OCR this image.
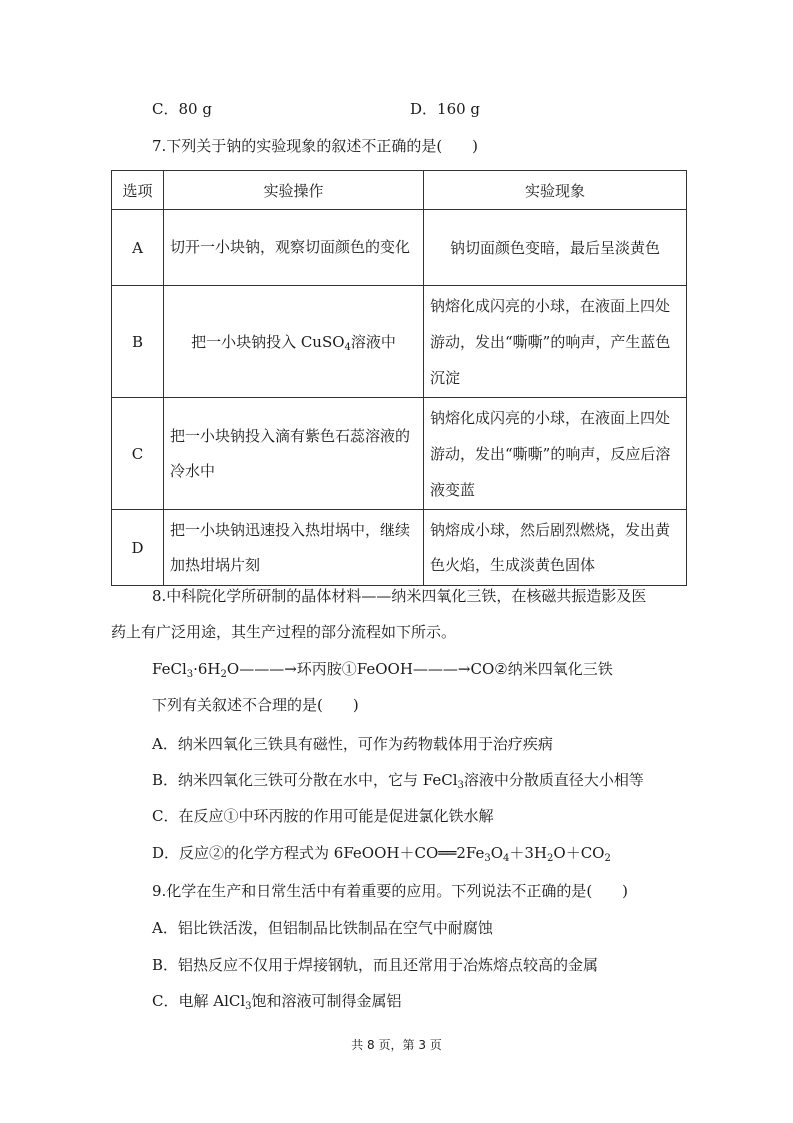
C．80 g	D．160 g
7.下列关于钠的实验现象的叙述不正确的是(　　)
选项	实验操作	实验现象
A	切开一小块钠，观察切面颜色的变化	钠切面颜色变暗，最后呈淡黄色
B	把一小块钠投入 CuSO$_4$溶液中	钠熔化成闪亮的小球，在液面上四处游动，发出“嘶嘶”的响声，产生蓝色沉淀
C	把一小块钠投入滴有紫色石蕊溶液的冷水中	钠熔化成闪亮的小球，在液面上四处游动，发出“嘶嘶”的响声，反应后溶液变蓝
D	把一小块钠迅速投入热坩埚中，继续加热坩埚片刻	钠熔成小球，然后剧烈燃烧，发出黄色火焰，生成淡黄色固体
8.中科院化学所研制的晶体材料——纳米四氧化三铁，在核磁共振造影及医
药上有广泛用途，其生产过程的部分流程如下所示。
$FeCl_3\cdot 6H_2O———\to$环丙胺①FeOOH———→CO②纳米四氧化三铁
下列有关叙述不合理的是(　　)
A．纳米四氧化三铁具有磁性，可作为药物载体用于治疗疾病
B．纳米四氧化三铁可分散在水中，它与 FeCl$_3$溶液中分散质直径大小相等
C．在反应①中环丙胺的作用可能是促进氯化铁水解
D．反应②的化学方程式为 $6FeOOH+CO══2Fe_3O_4+3H_2O+CO_2$
9.化学在生产和日常生活中有着重要的应用。下列说法不正确的是(　　)
A．铝比铁活泼，但铝制品比铁制品在空气中耐腐蚀
B．铝热反应不仅用于焊接钢轨，而且还常用于冶炼熔点较高的金属
C．电解 AlCl$_3$饱和溶液可制得金属铝
共 8 页，第 3 页
